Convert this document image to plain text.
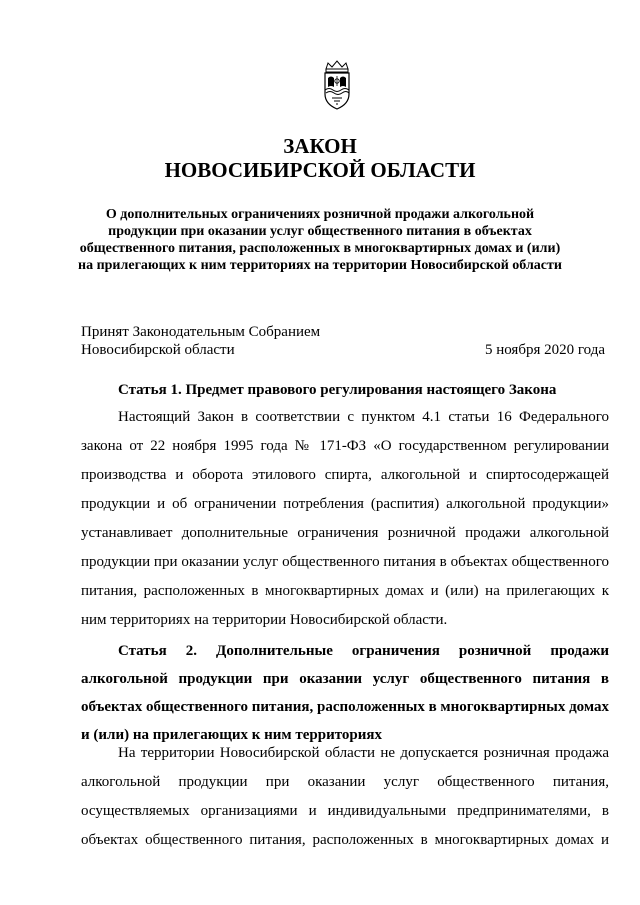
ЗАКОН
НОВОСИБИРСКОЙ ОБЛАСТИ

О дополнительных ограничениях розничной продажи алкогольной
продукции при оказании услуг общественного питания в объектах
общественного питания, расположенных в многоквартирных домах и (или)
на прилегающих к ним территориях на территории Новосибирской области

Принят Законодательным Собранием
Новосибирской области	5 ноября 2020 года
Статья 1. Предмет правового регулирования настоящего Закона
Настоящий Закон в соответствии с пунктом 4.1 статьи 16 Федерального
закона от 22 ноября 1995 года № 171-ФЗ «О государственном регулировании
производства и оборота этилового спирта, алкогольной и спиртосодержащей
продукции и об ограничении потребления (распития) алкогольной продукции»
устанавливает дополнительные ограничения розничной продажи алкогольной
продукции при оказании услуг общественного питания в объектах общественного
питания, расположенных в многоквартирных домах и (или) на прилегающих к
ним территориях на территории Новосибирской области.
Статья 2. Дополнительные ограничения розничной продажи
алкогольной продукции при оказании услуг общественного питания в
объектах общественного питания, расположенных в многоквартирных домах
и (или) на прилегающих к ним территориях
На территории Новосибирской области не допускается розничная продажа
алкогольной продукции при оказании услуг общественного питания,
осуществляемых организациями и индивидуальными предпринимателями, в
объектах общественного питания, расположенных в многоквартирных домах и
